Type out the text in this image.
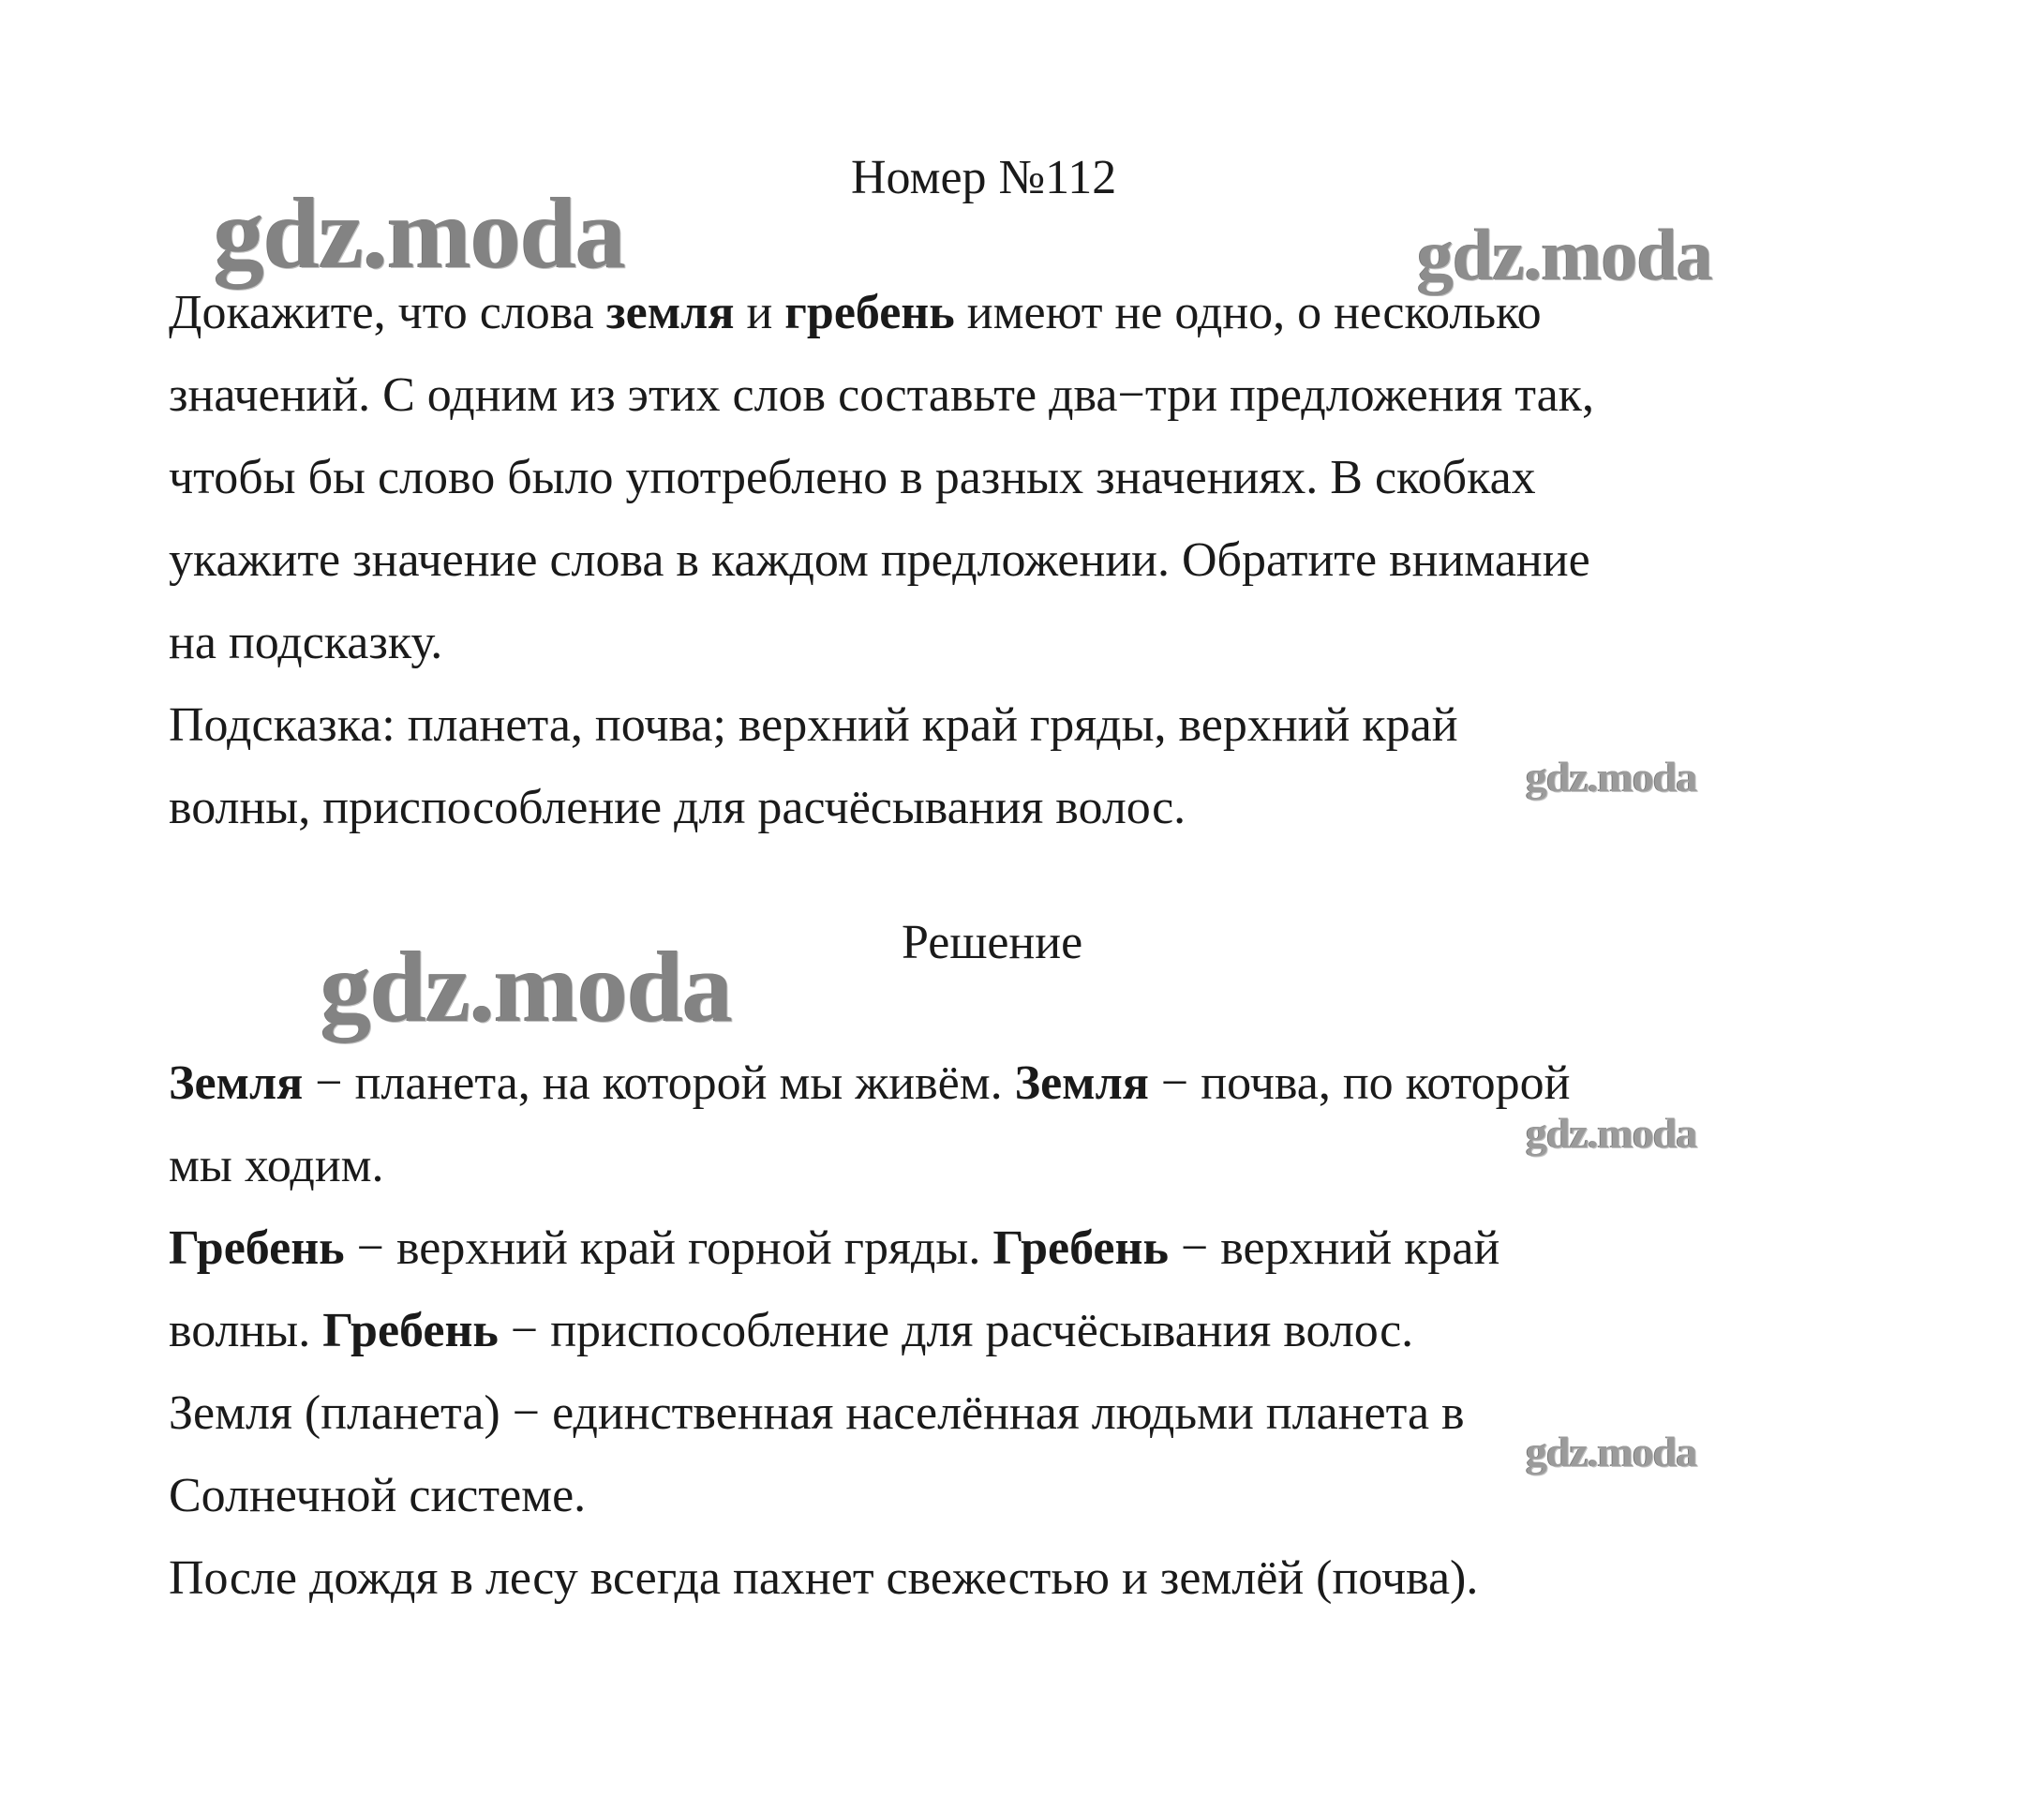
Номер №112
Докажите, что слова земля и гребень имеют не одно, о несколько
значений. С одним из этих слов составьте два−три предложения так,
чтобы бы слово было употреблено в разных значениях. В скобках
укажите значение слова в каждом предложении. Обратите внимание
на подсказку.
Подсказка: планета, почва; верхний край гряды, верхний край
волны, приспособление для расчёсывания волос.
Решение
Земля − планета, на которой мы живём. Земля − почва, по которой
мы ходим.
Гребень − верхний край горной гряды. Гребень − верхний край
волны. Гребень − приспособление для расчёсывания волос.
Земля (планета) − единственная населённая людьми планета в
Солнечной системе.
После дождя в лесу всегда пахнет свежестью и землёй (почва).
gdz.moda	gdz.moda
gdz.moda
gdz.moda
gdz.moda
gdz.moda
